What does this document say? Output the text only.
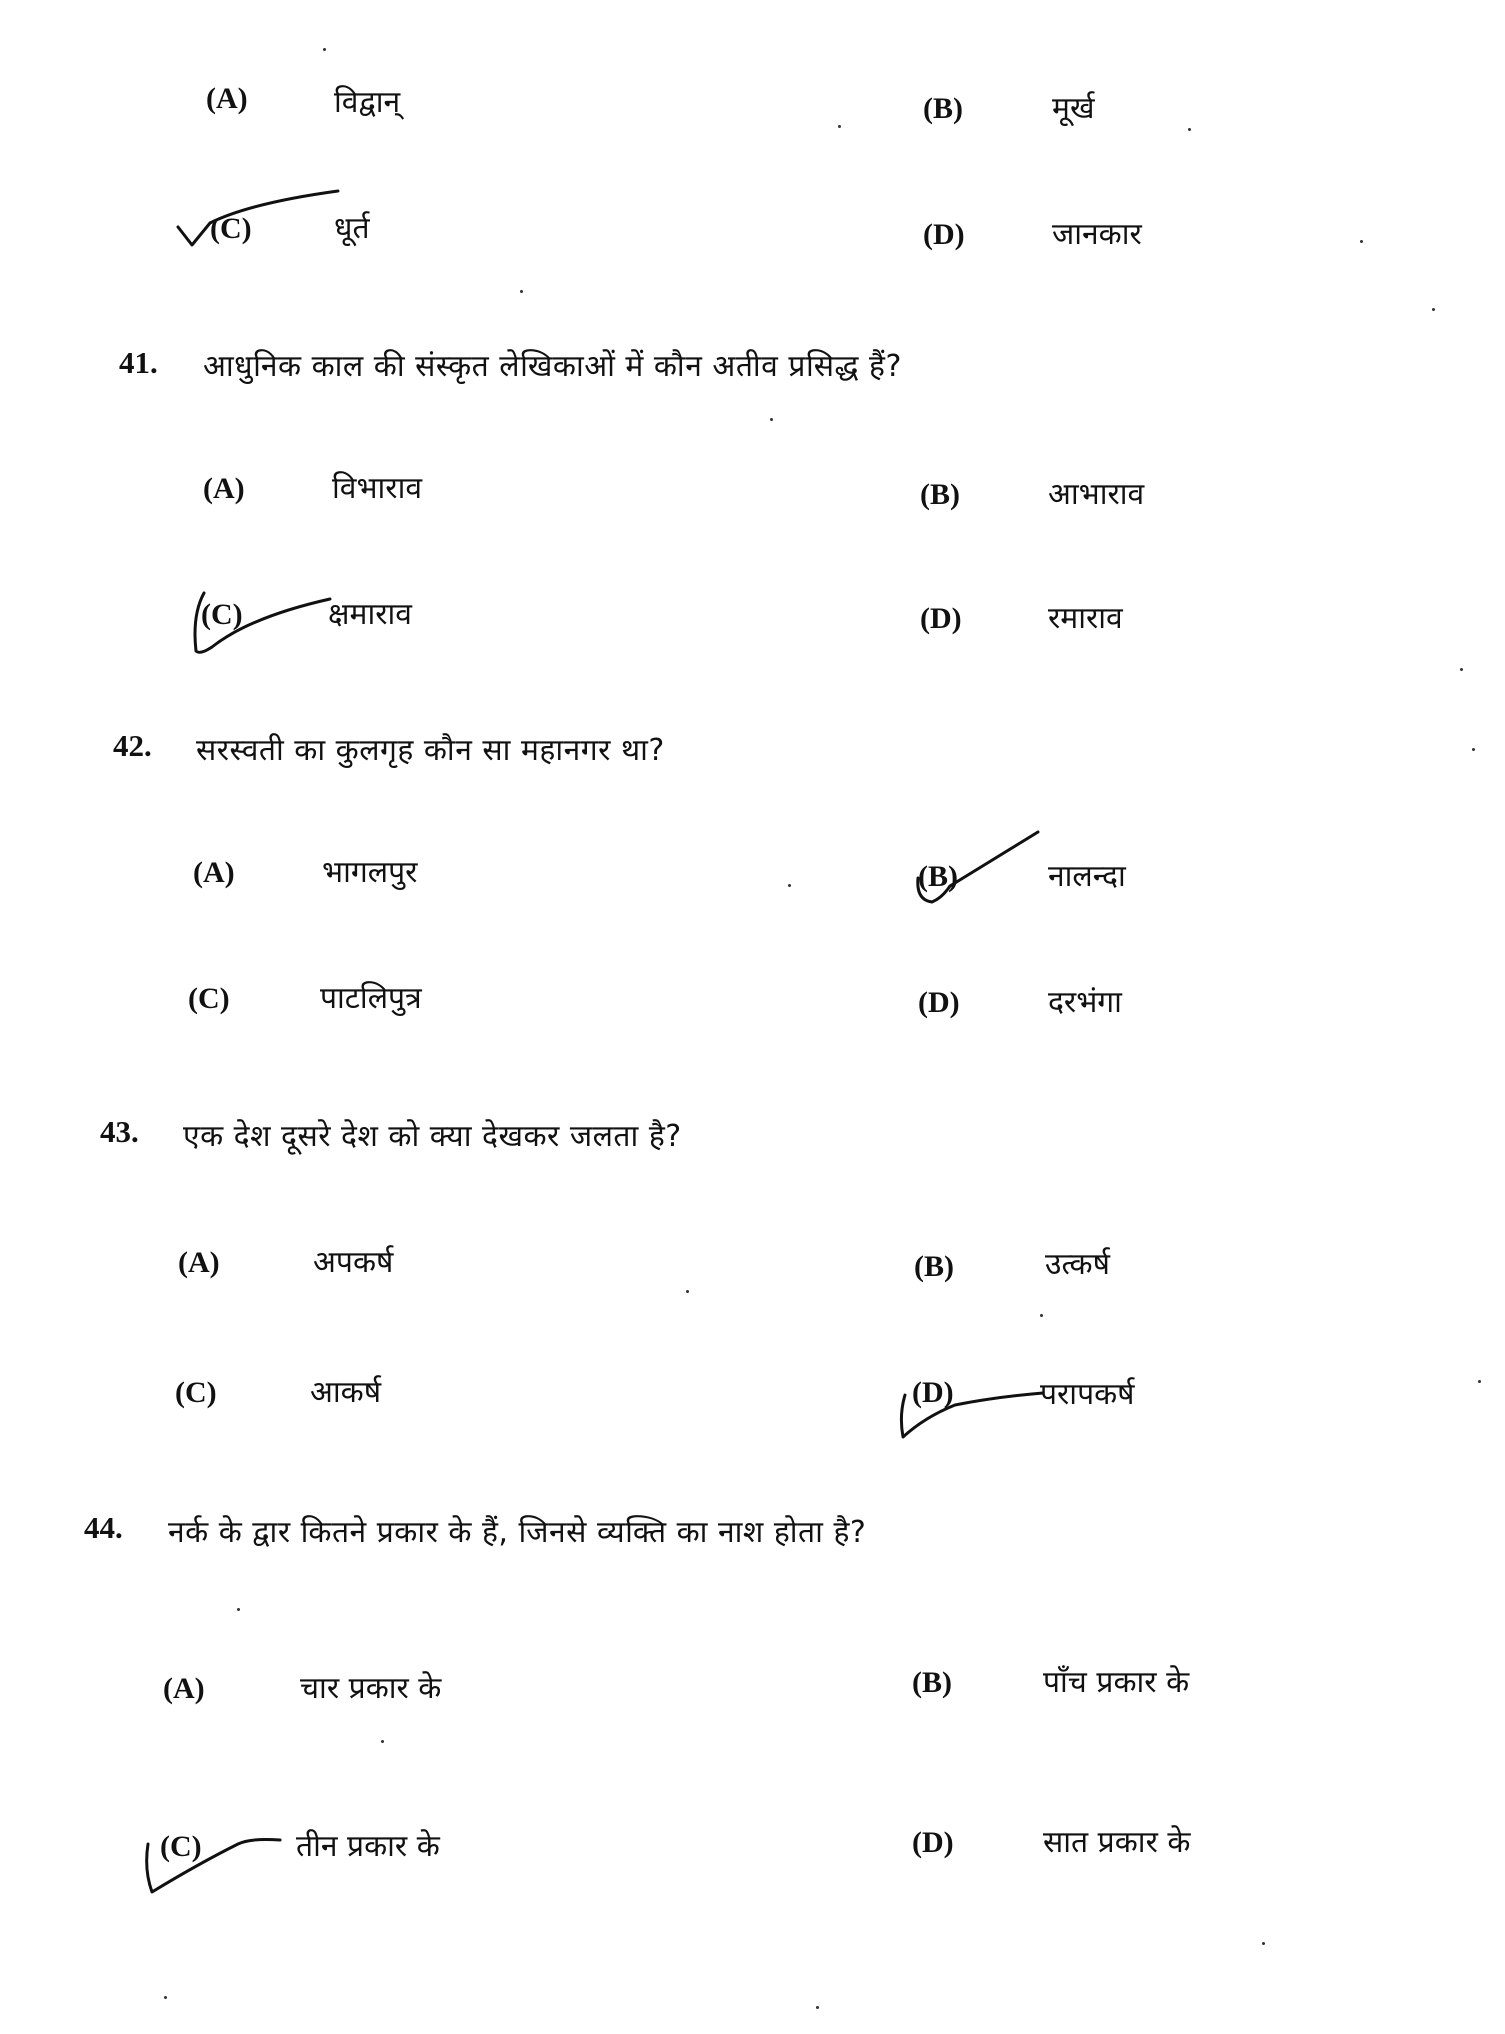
(A)	विद्वान्	(B)	मूर्ख
(C)	धूर्त	(D)	जानकार
41. आधुनिक काल की संस्कृत लेखिकाओं में कौन अतीव प्रसिद्ध हैं?
(A)	विभाराव	(B)	आभाराव
(C)	क्षमाराव	(D)	रमाराव
42. सरस्वती का कुलगृह कौन सा महानगर था?
(A)	भागलपुर	(B)	नालन्दा
(C)	पाटलिपुत्र	(D)	दरभंगा
43. एक देश दूसरे देश को क्या देखकर जलता है?
(A)	अपकर्ष	(B)	उत्कर्ष
(C)	आकर्ष	(D)	परापकर्ष
44. नर्क के द्वार कितने प्रकार के हैं, जिनसे व्यक्ति का नाश होता है?
(A)	चार प्रकार के	(B)	पाँच प्रकार के
(C)	तीन प्रकार के	(D)	सात प्रकार के
